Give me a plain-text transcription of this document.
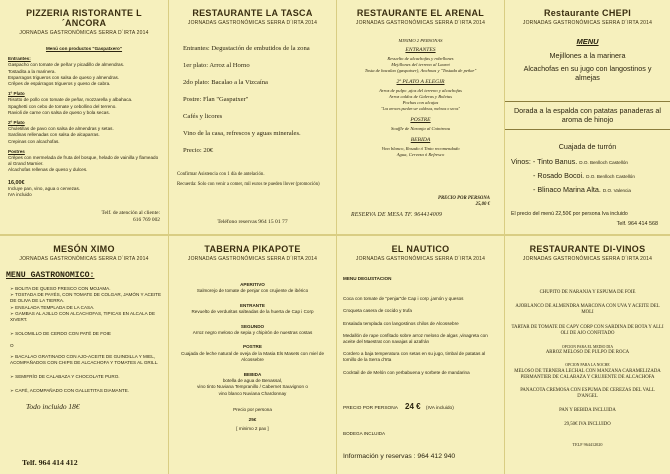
PIZZERIA RISTORANTE L´ANCORA
JORNADAS GASTRONÓMICAS SERRA D´IRTA 2014
Menú con productos "Gaspatxero"
Entrantes:
Gaspacho con tomate de peñar y picadillo de almendras.
Tostadita a la marinera.
Esparragos trigueros con salsa de queso y almendras.
Crêpes de espárragos trigueros y queso de cabra.
1º Plato
Risotto de pollo con tomate de peñar, mozzarella y albahaca.
Spaghetti con cebo de tomate y cebollino del terreno.
Ravioli de carne con salsa de queso y bola secas.
2º Plato
Chuletillas de pavo con salsa de almendras y setas.
Sardinas rellenadas con salsa de alcaparras.
Crepinas con alcachofas.
Postres
Crêpes con mermelada de fruta del bosque, helado de vainilla y flameado al Grand Marnier.
Alcachofas rellenas de queso y dulces.
16,00€
Incluye pan, vino, agua o cervezas.
IVA incluido
Telf. de atención al cliente:
616 769 002
RESTAURANTE LA TASCA
JORNADAS GASTRONÓMICAS SERRA D´IRTA 2014
Entrantes: Degustación de embutidos de la zona
1er plato: Arroz al Horno
2do plato: Bacalao a la Vizcaína
Postre: Flan "Gaspatxer"
Cafés y licores
Vino de la casa, refrescos y aguas minerales.
Precio: 20€
Confirmar Asistencia con 1 día de antelación.
Recuerda: Solo con venir a comer, mil euros te pueden llover (promoción)
Teléfono reservas 964 15 01 77
RESTAURANTE EL ARENAL
JORNADAS GASTRONÓMICAS SERRA D´IRTA 2014
MINIMO 2 PERSONAS
ENTRANTES
Revuelto de alcachofas y robellones
Mejillones del terreno al Lauret
Tosta de bacalao (gaspatxer), Anchoas y "Tostada de peñar"
2º PLATO A ELEGIR
Arroz de pulpo ,ajos del terreno y alcachofas
Arroz caldos de Galeras y Boletus
Pochas con alcajas
"Los arroces pueden ser caldosos, melosos o secos"
POSTRE
Souffle de Naranja al Cointreau
BEBIDA
Vino blanco, Rosado ó Tinto recomendado
Agua, Cerveza ó Refresco
PRECIO POR PERSONA
25,00 €
RESERVA DE MESA TF. 964414009
Restaurante CHEPI
JORNADAS GASTRONÓMICAS SERRA D´IRTA 2014
MENU
Mejillones a la marinera
Alcachofas en su jugo con langostinos y almejas
Dorada a la espalda con patatas panaderas al aroma de hinojo
Cuajada de turrón
Vinos: - Tinto Banus. D.O. Benlloch Castellón
- Rosado Bocoi. D.O. Benlloch Castellón
- Blinaco Marina Alta. D.O. Valencia
El precio del menú 22,50€ por persona Iva incluido
Telf. 964 414 568
MESÓN XIMO
JORNADAS GASTRONÓMICAS SERRA D´IRTA 2014
MENU GASTRONOMICO:
➢ BOLITA DE QUESO FRESCO CON MOJAMA.
➢ TOSTADA DE PAYÉS, CON TOMATE DE COLGAR, JAMÓN Y ACEITE DE OLIVA DE LA TIERRA.
➢ ENSALADA TEMPLADA DE LA CASA.
➢ GAMBAS AL AJILLO CON ALCACHOFAS, TIPICAS EN ALCALA DE XIVERT.
➢ SOLOMILLO DE CERDO CON PATÉ DE FOIE
O
➢ BACALAO GRATINADO CON AJO-ACEITE DE GUINDILLA Y MIEL, ACOMPAÑADOS CON CHIPS DE ALCACHOFA Y TOMATES AL GRILL.
➢ SEMIFRÍO DE CALABAZA Y CHOCOLATE PURO.
➢ CAFÉ, ACOMPAÑADO CON GALLETITAS DIAMANTE.
Todo incluido 18€
Telf. 964 414 412
TABERNA PIKAPOTE
JORNADAS GASTRONÓMICAS SERRA D´IRTA 2014
APERITIVO
Salmorejo de tomate de penjar con crujiente de ibérico
ENTRANTE
Revuelto de verduritas salteadas de la huerta de Cap i Corp
SEGUNDO
Arroz negro meloso de sepia y chipirón de nuestras costas
POSTRE
Cuajada de leche natural de oveja de la Masia Els Masets con miel de Alcossebre
BEBIDA
botella de agua de Benassal,
vino tinto Nuviana Tempranillo / Cabernet Sauvignon o
vino blanco Nuviana Chardonnay
Precio por persona
25€
[ minimo 2 pax ]
EL NAUTICO
JORNADAS GASTRONÓMICAS SERRA D´IRTA 2014
MENU DEGUSTACION
Coca con tomate de "penjar"de Cap i corp ,jamón y quesos
Croqueta casera de cocido y trufa
Ensalada templada con langostinos chilos de Alcossebre
Medallón de rape confitado sobre arroz meloso de algas ,vinagreta con aceite del Maestrat con navajas al azafrán
Cordero a baja temperatura con setas en su jugo, timbal de patatas al tomillo de la Serra d'Irta
Cocktail de de Melón con yerbabuena y sorbete de mandarina
PRECIO POR PERSONA 24 € (IVA incluido)
BODEGA INCLUIDA
Información y reservas : 964 412 940
RESTAURANTE DI-VINOS
JORNADAS GASTRONÓMICAS SERRA D´IRTA 2014
CHUPITO DE NARANJA Y ESPUMA DE FOIE
AJOBLANCO DE ALMENDRA MARCONA CON UVA Y ACEITE DEL MOLI
TARTAR DE TOMATE DE CAPY CORP CON SARDINA DE BOTA Y ALLI OLI DE AJO CONFITADO
OPCION PARA EL MEDIO DIA
ARROZ MELOSO DE PULPO DE ROCA
OPCION PARA LA NOCHE
MELOSO DE TERNERA LECHAL CON MANZANA CARAMELIZADA PERMANTIER DE CALABAZA Y CRUJIENTE DE ALCACHOFA
PANACOTA CREMOSA CON ESPUMA DE CEREZAS DEL VALL D'ANGEL
PAN Y BEBIDA INCLUIDA
29,50€ IVA INCLUIDO
TELF 964412020
